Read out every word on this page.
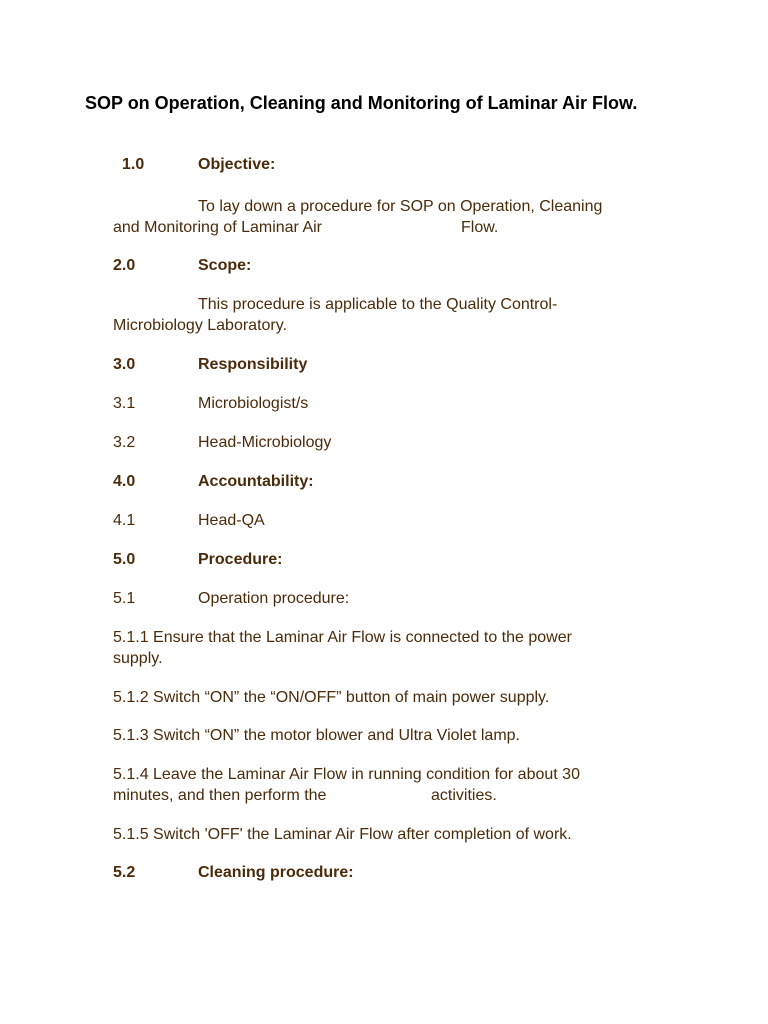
SOP on Operation, Cleaning and Monitoring of Laminar Air Flow.
1.0	Objective:
To lay down a procedure for SOP on Operation, Cleaning
and Monitoring of Laminar Air	Flow.
2.0	Scope:
This procedure is applicable to the Quality Control-
Microbiology Laboratory.
3.0	Responsibility
3.1	Microbiologist/s
3.2	Head-Microbiology
4.0	Accountability:
4.1	Head-QA
5.0	Procedure:
5.1	Operation procedure:
5.1.1 Ensure that the Laminar Air Flow is connected to the power
supply.
5.1.2 Switch “ON” the “ON/OFF” button of main power supply.
5.1.3 Switch “ON” the motor blower and Ultra Violet lamp.
5.1.4 Leave the Laminar Air Flow in running condition for about 30
minutes, and then perform the	activities.
5.1.5 Switch 'OFF' the Laminar Air Flow after completion of work.
5.2	Cleaning procedure:
